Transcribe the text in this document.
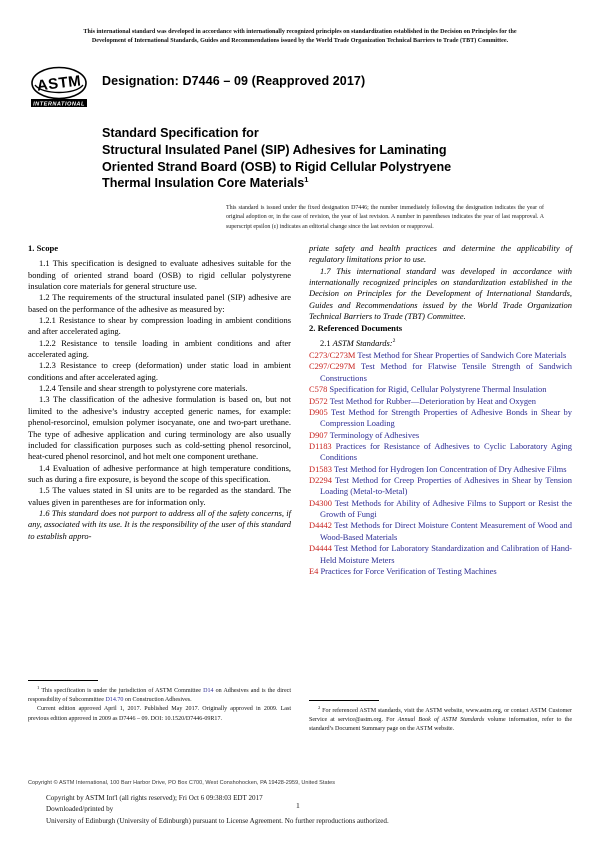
This international standard was developed in accordance with internationally recognized principles on standardization established in the Decision on Principles for the
Development of International Standards, Guides and Recommendations issued by the World Trade Organization Technical Barriers to Trade (TBT) Committee.
ASTM
INTERNATIONAL
Designation: D7446 – 09 (Reapproved 2017)
Standard Specification for
Structural Insulated Panel (SIP) Adhesives for Laminating
Oriented Strand Board (OSB) to Rigid Cellular Polystryene
Thermal Insulation Core Materials$^1$
This standard is issued under the fixed designation D7446; the number immediately following the designation indicates the year of original adoption or, in the case of revision, the year of last revision. A number in parentheses indicates the year of last reapproval. A superscript epsilon (ε) indicates an editorial change since the last revision or reapproval.
1. Scope

1.1 This specification is designed to evaluate adhesives suitable for the bonding of oriented strand board (OSB) to rigid cellular polystyrene insulation core materials for general structure use.

1.2 The requirements of the structural insulated panel (SIP) adhesive are based on the performance of the adhesive as measured by:

1.2.1 Resistance to shear by compression loading in ambient conditions and after accelerated aging.

1.2.2 Resistance to tensile loading in ambient conditions and after accelerated aging.

1.2.3 Resistance to creep (deformation) under static load in ambient conditions and after accelerated aging.

1.2.4 Tensile and shear strength to polystyrene core materials.

1.3 The classification of the adhesive formulation is based on, but not limited to the adhesive’s industry accepted generic names, for example: phenol-resorcinol, emulsion polymer isocyanate, one and two-part urethane. The type of adhesive application and curing terminology are also usually included for classification purposes such as cold-setting phenol resorcinol, heat-cured phenol resorcinol, and hot melt one component urethane.

1.4 Evaluation of adhesive performance at high temperature conditions, such as during a fire exposure, is beyond the scope of this specification.

1.5 The values stated in SI units are to be regarded as the standard. The values given in parentheses are for information only.

1.6 This standard does not purport to address all of the safety concerns, if any, associated with its use. It is the responsibility of the user of this standard to establish appro-

priate safety and health practices and determine the applicability of regulatory limitations prior to use.

1.7 This international standard was developed in accordance with internationally recognized principles on standardization established in the Decision on Principles for the Development of International Standards, Guides and Recommendations issued by the World Trade Organization Technical Barriers to Trade (TBT) Committee.

2. Referenced Documents

2.1 ASTM Standards:$^2$

C273/C273M Test Method for Shear Properties of Sandwich Core Materials
C297/C297M Test Method for Flatwise Tensile Strength of Sandwich Constructions
C578 Specification for Rigid, Cellular Polystyrene Thermal Insulation
D572 Test Method for Rubber—Deterioration by Heat and Oxygen
D905 Test Method for Strength Properties of Adhesive Bonds in Shear by Compression Loading
D907 Terminology of Adhesives
D1183 Practices for Resistance of Adhesives to Cyclic Laboratory Aging Conditions
D1583 Test Method for Hydrogen Ion Concentration of Dry Adhesive Films
D2294 Test Method for Creep Properties of Adhesives in Shear by Tension Loading (Metal-to-Metal)
D4300 Test Methods for Ability of Adhesive Films to Support or Resist the Growth of Fungi
D4442 Test Methods for Direct Moisture Content Measurement of Wood and Wood-Based Materials
D4444 Test Method for Laboratory Standardization and Calibration of Hand-Held Moisture Meters
E4 Practices for Force Verification of Testing Machines

$^1$ This specification is under the jurisdiction of ASTM Committee D14 on Adhesives and is the direct responsibility of Subcommittee D14.70 on Construction Adhesives.

Current edition approved April 1, 2017. Published May 2017. Originally approved in 2009. Last previous edition approved in 2009 as D7446 – 09. DOI: 10.1520/D7446-09R17.

$^2$ For referenced ASTM standards, visit the ASTM website, www.astm.org, or contact ASTM Customer Service at service@astm.org. For Annual Book of ASTM Standards volume information, refer to the standard’s Document Summary page on the ASTM website.

Copyright © ASTM International, 100 Barr Harbor Drive, PO Box C700, West Conshohocken, PA 19428-2959, United States
Copyright by ASTM Int'l (all rights reserved); Fri Oct 6 09:38:03 EDT 2017
Downloaded/printed by
University of Edinburgh (University of Edinburgh) pursuant to License Agreement. No further reproductions authorized.
1
